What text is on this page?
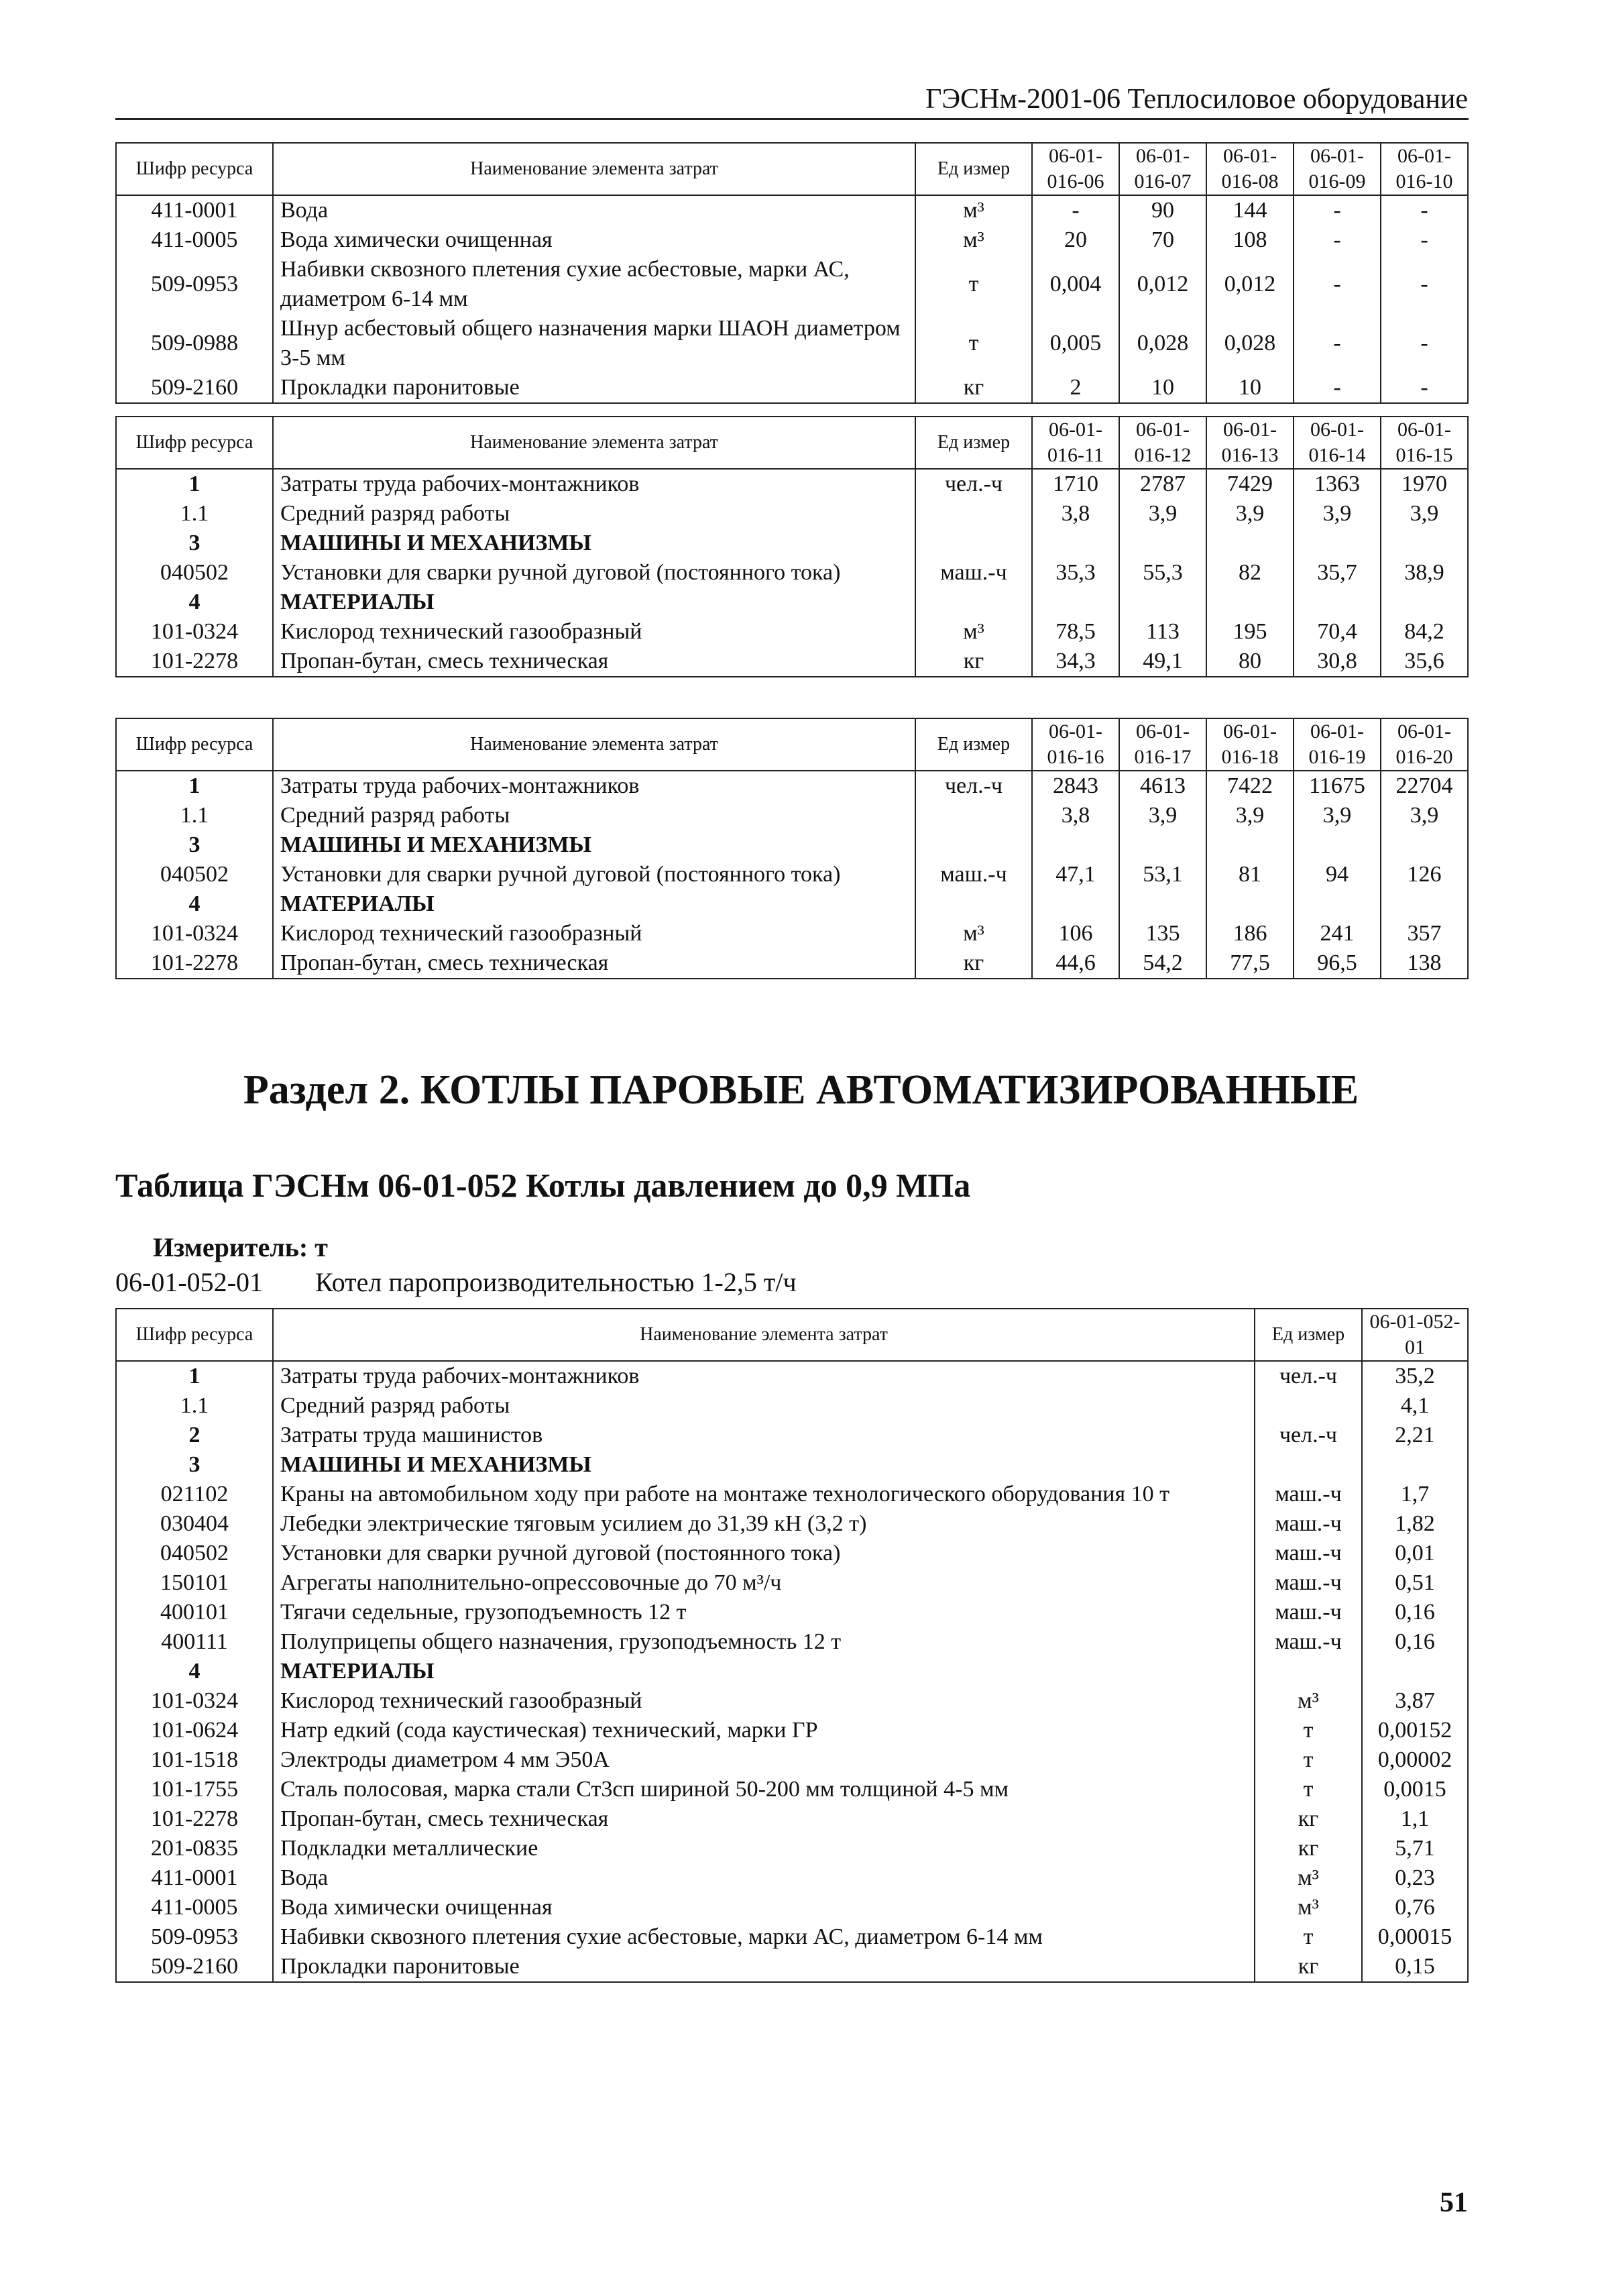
ГЭСНм-2001-06 Теплосиловое оборудование
Шифр ресурса	Наименование элемента затрат	Ед измер	06-01-016-06	06-01-016-07	06-01-016-08	06-01-016-09	06-01-016-10
411-0001	Вода	м³	-	90	144	-	-
411-0005	Вода химически очищенная	м³	20	70	108	-	-
509-0953	Набивки сквозного плетения сухие асбестовые, марки АС, диаметром 6-14 мм	т	0,004	0,012	0,012	-	-
509-0988	Шнур асбестовый общего назначения марки ШАОН диаметром 3-5 мм	т	0,005	0,028	0,028	-	-
509-2160	Прокладки паронитовые	кг	2	10	10	-	-
Шифр ресурса	Наименование элемента затрат	Ед измер	06-01-016-11	06-01-016-12	06-01-016-13	06-01-016-14	06-01-016-15
1	Затраты труда рабочих-монтажников	чел.-ч	1710	2787	7429	1363	1970
1.1	Средний разряд работы		3,8	3,9	3,9	3,9	3,9
3	МАШИНЫ И МЕХАНИЗМЫ						
040502	Установки для сварки ручной дуговой (постоянного тока)	маш.-ч	35,3	55,3	82	35,7	38,9
4	МАТЕРИАЛЫ						
101-0324	Кислород технический газообразный	м³	78,5	113	195	70,4	84,2
101-2278	Пропан-бутан, смесь техническая	кг	34,3	49,1	80	30,8	35,6
Шифр ресурса	Наименование элемента затрат	Ед измер	06-01-016-16	06-01-016-17	06-01-016-18	06-01-016-19	06-01-016-20
1	Затраты труда рабочих-монтажников	чел.-ч	2843	4613	7422	11675	22704
1.1	Средний разряд работы		3,8	3,9	3,9	3,9	3,9
3	МАШИНЫ И МЕХАНИЗМЫ						
040502	Установки для сварки ручной дуговой (постоянного тока)	маш.-ч	47,1	53,1	81	94	126
4	МАТЕРИАЛЫ						
101-0324	Кислород технический газообразный	м³	106	135	186	241	357
101-2278	Пропан-бутан, смесь техническая	кг	44,6	54,2	77,5	96,5	138
Раздел 2. КОТЛЫ ПАРОВЫЕ АВТОМАТИЗИРОВАННЫЕ
Таблица ГЭСНм 06-01-052 Котлы давлением до 0,9 МПа
Измеритель: т
06-01-052-01 Котел паропроизводительностью 1-2,5 т/ч
Шифр ресурса	Наименование элемента затрат	Ед измер	06-01-052-01
1	Затраты труда рабочих-монтажников	чел.-ч	35,2
1.1	Средний разряд работы		4,1
2	Затраты труда машинистов	чел.-ч	2,21
3	МАШИНЫ И МЕХАНИЗМЫ		
021102	Краны на автомобильном ходу при работе на монтаже технологического оборудования 10 т	маш.-ч	1,7
030404	Лебедки электрические тяговым усилием до 31,39 кН (3,2 т)	маш.-ч	1,82
040502	Установки для сварки ручной дуговой (постоянного тока)	маш.-ч	0,01
150101	Агрегаты наполнительно-опрессовочные до 70 м³/ч	маш.-ч	0,51
400101	Тягачи седельные, грузоподъемность 12 т	маш.-ч	0,16
400111	Полуприцепы общего назначения, грузоподъемность 12 т	маш.-ч	0,16
4	МАТЕРИАЛЫ		
101-0324	Кислород технический газообразный	м³	3,87
101-0624	Натр едкий (сода каустическая) технический, марки ГР	т	0,00152
101-1518	Электроды диаметром 4 мм Э50А	т	0,00002
101-1755	Сталь полосовая, марка стали Ст3сп шириной 50-200 мм толщиной 4-5 мм	т	0,0015
101-2278	Пропан-бутан, смесь техническая	кг	1,1
201-0835	Подкладки металлические	кг	5,71
411-0001	Вода	м³	0,23
411-0005	Вода химически очищенная	м³	0,76
509-0953	Набивки сквозного плетения сухие асбестовые, марки АС, диаметром 6-14 мм	т	0,00015
509-2160	Прокладки паронитовые	кг	0,15
51
